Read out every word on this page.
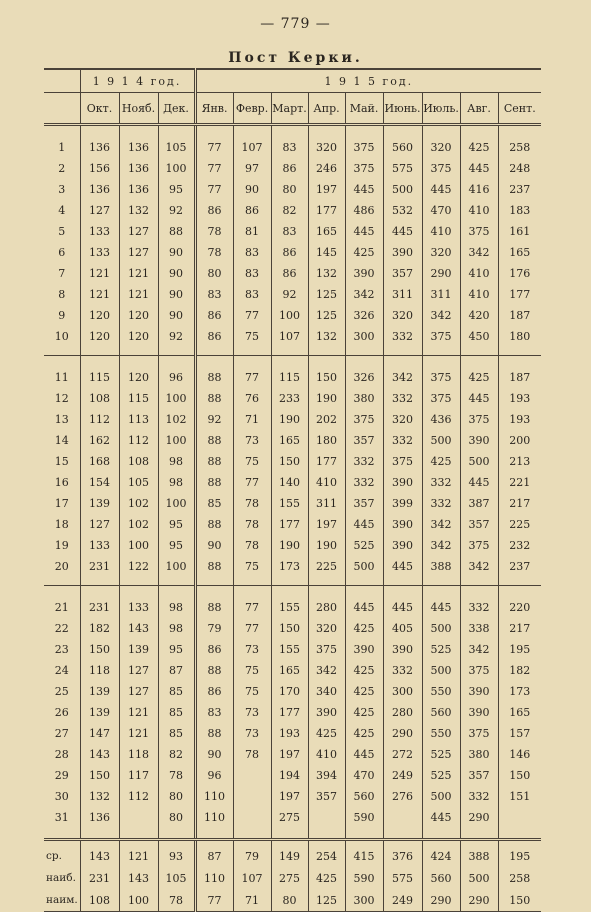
— 779 —
Пост Керки.
	1 9 1 4 год.			1 9 1 5 год.								
	Окт.	Нояб.	Дек.	Янв.	Февр.	Март.	Апр.	Май.	Июнь.	Июль.	Авг.	Сент.
1	136	136	105	77	107	83	320	375	560	320	425	258
2	156	136	100	77	97	86	246	375	575	375	445	248
3	136	136	95	77	90	80	197	445	500	445	416	237
4	127	132	92	86	86	82	177	486	532	470	410	183
5	133	127	88	78	81	83	165	445	445	410	375	161
6	133	127	90	78	83	86	145	425	390	320	342	165
7	121	121	90	80	83	86	132	390	357	290	410	176
8	121	121	90	83	83	92	125	342	311	311	410	177
9	120	120	90	86	77	100	125	326	320	342	420	187
10	120	120	92	86	75	107	132	300	332	375	450	180
11	115	120	96	88	77	115	150	326	342	375	425	187
12	108	115	100	88	76	233	190	380	332	375	445	193
13	112	113	102	92	71	190	202	375	320	436	375	193
14	162	112	100	88	73	165	180	357	332	500	390	200
15	168	108	98	88	75	150	177	332	375	425	500	213
16	154	105	98	88	77	140	410	332	390	332	445	221
17	139	102	100	85	78	155	311	357	399	332	387	217
18	127	102	95	88	78	177	197	445	390	342	357	225
19	133	100	95	90	78	190	190	525	390	342	375	232
20	231	122	100	88	75	173	225	500	445	388	342	237
21	231	133	98	88	77	155	280	445	445	445	332	220
22	182	143	98	79	77	150	320	425	405	500	338	217
23	150	139	95	86	73	155	375	390	390	525	342	195
24	118	127	87	88	75	165	342	425	332	500	375	182
25	139	127	85	86	75	170	340	425	300	550	390	173
26	139	121	85	83	73	177	390	425	280	560	390	165
27	147	121	85	88	73	193	425	425	290	550	375	157
28	143	118	82	90	78	197	410	445	272	525	380	146
29	150	117	78	96		194	394	470	249	525	357	150
30	132	112	80	110		197	357	560	276	500	332	151
31	136		80	110		275		590		445	290	
ср.	143	121	93	87	79	149	254	415	376	424	388	195
наиб.	231	143	105	110	107	275	425	590	575	560	500	258
наим.	108	100	78	77	71	80	125	300	249	290	290	150
